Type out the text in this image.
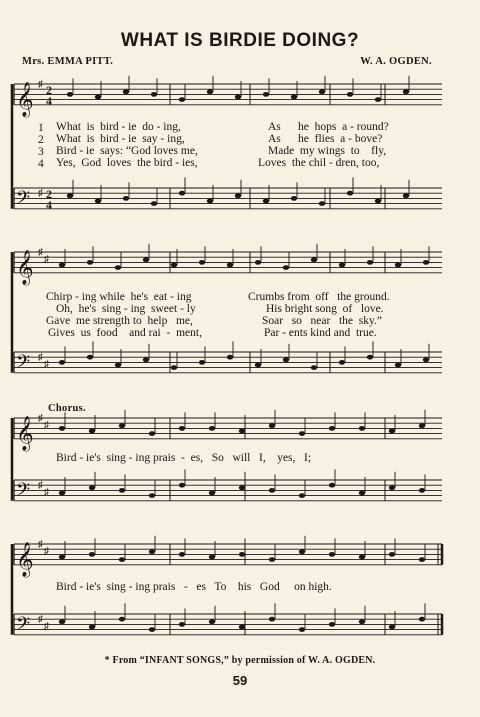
WHAT IS BIRDIE DOING?
Mrs. EMMA PITT.	W. A. OGDEN.
𝄞 ♯ 2
4
𝄢 ♯ 2
4
𝄞 ♯
♯
𝄢 ♯
♯
𝄞 ♯
♯
𝄢 ♯
♯
𝄞 ♯
♯
𝄢 ♯
♯
1 What  is  bird - ie  do - ing,	As      he  hops  a - round?
2 What  is  bird - ie  say - ing,	As      he  flies  a - bove?
3 Bird - ie  says: “God loves me,	Made  my wings  to    fly,
4 Yes,  God  loves  the bird - ies,	Loves  the chil - dren, too,
Chirp - ing while  he's  eat - ing	Crumbs from  off   the ground.
Oh,  he's  sing - ing  sweet - ly	His bright song  of   love.
Gave  me strength to  help   me,	Soar   so   near   the  sky.”
Gives  us  food    and rai  -  ment,	Par - ents kind and  true.
Chorus.
Bird - ie's  sing - ing prais  -  es,   So   will   I,    yes,   I;
Bird - ie's  sing - ing prais   -   es   To    his   God     on high.
* From “INFANT SONGS,” by permission of W. A. OGDEN.
59
